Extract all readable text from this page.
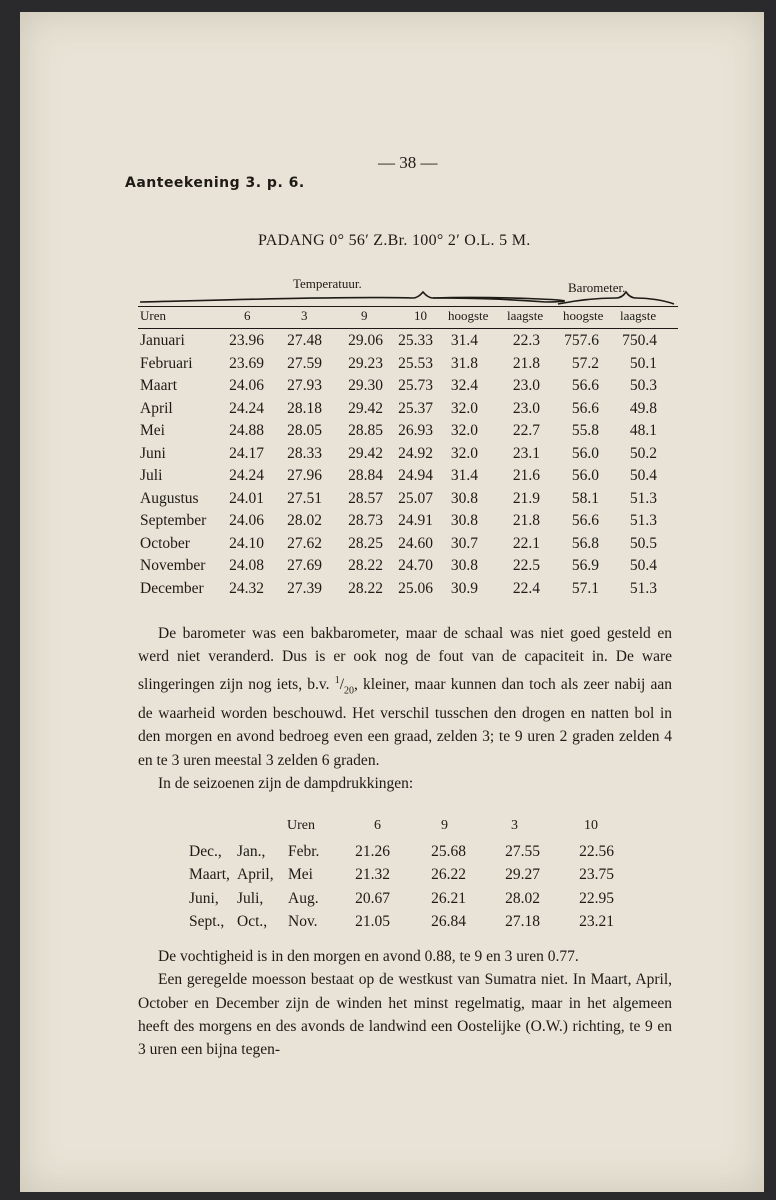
Aanteekening 3. p. 6.
— 38 —
PADANG 0° 56′ Z.Br. 100° 2′ O.L. 5 M.
Temperatuur.	Barometer.
Uren	6	3	9	10 hoogste laagste hoogste laagste
Januari	23.96 27.48 29.06 25.33 31.4 22.3 757.6 750.4
Februari 23.69 27.59 29.23 25.53 31.8 21.8 57.2 50.1
Maart	24.06 27.93 29.30 25.73 32.4 23.0 56.6 50.3
April	24.24 28.18 29.42 25.37 32.0 23.0 56.6 49.8
Mei	24.88 28.05 28.85 26.93 32.0 22.7 55.8 48.1
Juni	24.17 28.33 29.42 24.92 32.0 23.1 56.0 50.2
Juli	24.24 27.96 28.84 24.94 31.4 21.6 56.0 50.4
Augustus 24.01 27.51 28.57 25.07 30.8 21.9 58.1 51.3
September 24.06 28.02 28.73 24.91 30.8 21.8 56.6 51.3
October	24.10 27.62 28.25 24.60 30.7 22.1 56.8 50.5
November 24.08 27.69 28.22 24.70 30.8 22.5 56.9 50.4
December 24.32 27.39 28.22 25.06 30.9 22.4 57.1 51.3

De barometer was een bakbarometer, maar de schaal was niet goed gesteld en werd niet veranderd. Dus is er ook nog de fout van de capaciteit in. De ware slingeringen zijn nog iets, b.v. $^1/_{20}$, kleiner, maar kunnen dan toch als zeer nabij aan de waarheid worden beschouwd. Het verschil tusschen den drogen en natten bol in den morgen en avond bedroeg even een graad, zelden 3; te 9 uren 2 graden zelden 4 en te 3 uren meestal 3 zelden 6 graden.

In de seizoenen zijn de dampdrukkingen:

Uren	6	9	3	10
Dec., Jan., Febr. 21.26	25.68	27.55	22.56
Maart, April, Mei	21.32	26.22	29.27	23.75
Juni, Juli, Aug. 20.67	26.21	28.02	22.95
Sept., Oct., Nov. 21.05	26.84	27.18	23.21

De vochtigheid is in den morgen en avond 0.88, te 9 en 3 uren 0.77.

Een geregelde moesson bestaat op de westkust van Sumatra niet. In Maart, April, October en December zijn de winden het minst regelmatig, maar in het algemeen heeft des morgens en des avonds de landwind een Oostelijke (O.W.) richting, te 9 en 3 uren een bijna tegen-
